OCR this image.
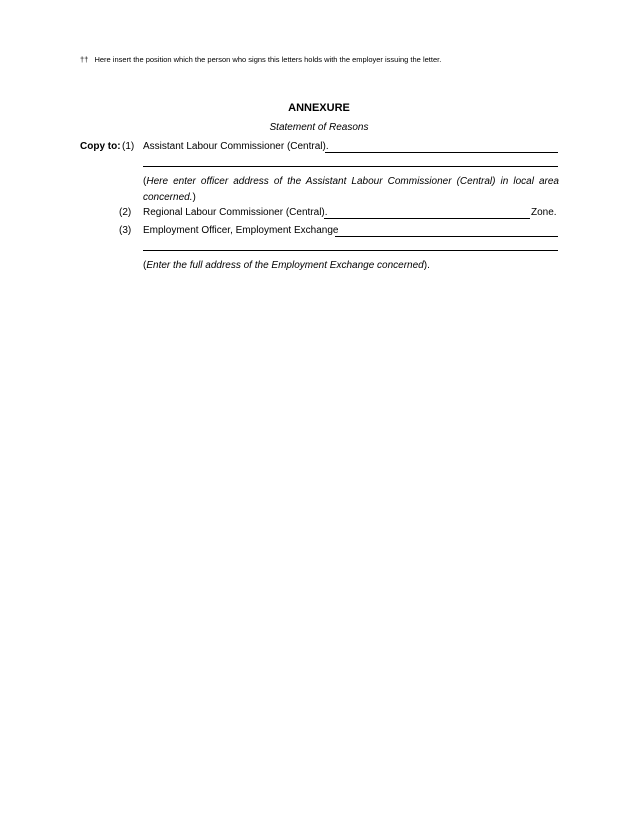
†† Here insert the position which the person who signs this letters holds with the employer issuing the letter.
ANNEXURE
Statement of Reasons
Copy to: (1) Assistant Labour Commissioner (Central).
(Here enter officer address of the Assistant Labour Commissioner (Central) in local area concerned.)
(2) Regional Labour Commissioner (Central).	Zone.
(3) Employment Officer, Employment Exchange
(Enter the full address of the Employment Exchange concerned).
